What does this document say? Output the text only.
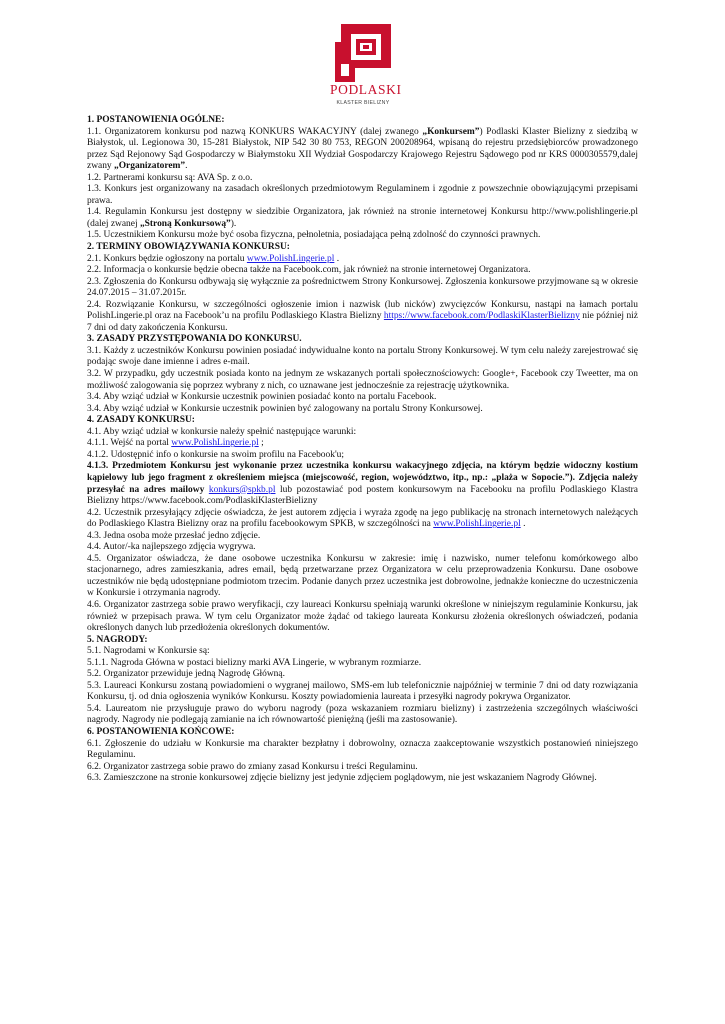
PODLASKI
KLASTER BIELIZNY
1. POSTANOWIENIA OGÓLNE:

1.1. Organizatorem konkursu pod nazwą KONKURS WAKACYJNY (dalej zwanego „Konkursem”) Podlaski Klaster Bielizny z siedzibą w Białystok, ul. Legionowa 30, 15-281 Białystok, NIP 542 30 80 753, REGON 200208964, wpisaną do rejestru przedsiębiorców prowadzonego przez Sąd Rejonowy Sąd Gospodarczy w Białymstoku XII Wydział Gospodarczy Krajowego Rejestru Sądowego pod nr KRS 0000305579,dalej zwany „Organizatorem”.

1.2. Partnerami konkursu są: AVA Sp. z o.o.

1.3. Konkurs jest organizowany na zasadach określonych przedmiotowym Regulaminem i zgodnie z powszechnie obowiązującymi przepisami prawa.

1.4. Regulamin Konkursu jest dostępny w siedzibie Organizatora, jak również na stronie internetowej Konkursu http://www.polishlingerie.pl (dalej zwanej „Stroną Konkursową”).

1.5. Uczestnikiem Konkursu może być osoba fizyczna, pełnoletnia, posiadająca pełną zdolność do czynności prawnych.

2. TERMINY OBOWIĄZYWANIA KONKURSU:

2.1. Konkurs będzie ogłoszony na portalu www.PolishLingerie.pl .

2.2. Informacja o konkursie będzie obecna także na Facebook.com, jak również na stronie internetowej Organizatora.

2.3. Zgłoszenia do Konkursu odbywają się wyłącznie za pośrednictwem Strony Konkursowej. Zgłoszenia konkursowe przyjmowane są w okresie 24.07.2015 – 31.07.2015r.

2.4. Rozwiązanie Konkursu, w szczególności ogłoszenie imion i nazwisk (lub nicków) zwycięzców Konkursu, nastąpi na łamach portalu PolishLingerie.pl oraz na Facebook’u na profilu Podlaskiego Klastra Bielizny https://www.facebook.com/PodlaskiKlasterBielizny nie później niż 7 dni od daty zakończenia Konkursu.

3. ZASADY PRZYSTĘPOWANIA DO KONKURSU.

3.1. Każdy z uczestników Konkursu powinien posiadać indywidualne konto na portalu Strony Konkursowej. W tym celu należy zarejestrować się podając swoje dane imienne i adres e-mail.

3.2. W przypadku, gdy uczestnik posiada konto na jednym ze wskazanych portali społecznościowych: Google+, Facebook czy Tweetter, ma on możliwość zalogowania się poprzez wybrany z nich, co uznawane jest jednocześnie za rejestrację użytkownika.

3.4. Aby wziąć udział w Konkursie uczestnik powinien posiadać konto na portalu Facebook.

3.4. Aby wziąć udział w Konkursie uczestnik powinien być zalogowany na portalu Strony Konkursowej.

4. ZASADY KONKURSU:

4.1. Aby wziąć udział w konkursie należy spełnić następujące warunki:

4.1.1. Wejść na portal www.PolishLingerie.pl ;

4.1.2. Udostępnić info o konkursie na swoim profilu na Facebook'u;

4.1.3. Przedmiotem Konkursu jest wykonanie przez uczestnika konkursu wakacyjnego zdjęcia, na którym będzie widoczny kostium kąpielowy lub jego fragment z określeniem miejsca (miejscowość, region, województwo, itp., np.: „plaża w Sopocie.”). Zdjęcia należy przesyłać na adres mailowy konkurs@spkb.pl lub pozostawiać pod postem konkursowym na Facebooku na profilu Podlaskiego Klastra Bielizny https://www.facebook.com/PodlaskiKlasterBielizny

4.2. Uczestnik przesyłający zdjęcie oświadcza, że jest autorem zdjęcia i wyraża zgodę na jego publikację na stronach internetowych należących do Podlaskiego Klastra Bielizny oraz na profilu facebookowym SPKB, w szczególności na www.PolishLingerie.pl .

4.3. Jedna osoba może przesłać jedno zdjęcie.

4.4. Autor/-ka najlepszego zdjęcia wygrywa.

4.5. Organizator oświadcza, że dane osobowe uczestnika Konkursu w zakresie: imię i nazwisko, numer telefonu komórkowego albo stacjonarnego, adres zamieszkania, adres email, będą przetwarzane przez Organizatora w celu przeprowadzenia Konkursu. Dane osobowe uczestników nie będą udostępniane podmiotom trzecim. Podanie danych przez uczestnika jest dobrowolne, jednakże konieczne do uczestniczenia w Konkursie i otrzymania nagrody.

4.6. Organizator zastrzega sobie prawo weryfikacji, czy laureaci Konkursu spełniają warunki określone w niniejszym regulaminie Konkursu, jak również w przepisach prawa. W tym celu Organizator może żądać od takiego laureata Konkursu złożenia określonych oświadczeń, podania określonych danych lub przedłożenia określonych dokumentów.

5. NAGRODY:

5.1. Nagrodami w Konkursie są:

5.1.1. Nagroda Główna w postaci bielizny marki AVA Lingerie, w wybranym rozmiarze.

5.2. Organizator przewiduje jedną Nagrodę Główną.

5.3. Laureaci Konkursu zostaną powiadomieni o wygranej mailowo, SMS-em lub telefonicznie najpóźniej w terminie 7 dni od daty rozwiązania Konkursu, tj. od dnia ogłoszenia wyników Konkursu. Koszty powiadomienia laureata i przesyłki nagrody pokrywa Organizator.

5.4. Laureatom nie przysługuje prawo do wyboru nagrody (poza wskazaniem rozmiaru bielizny) i zastrzeżenia szczególnych właściwości nagrody. Nagrody nie podlegają zamianie na ich równowartość pieniężną (jeśli ma zastosowanie).

6. POSTANOWIENIA KOŃCOWE:

6.1. Zgłoszenie do udziału w Konkursie ma charakter bezpłatny i dobrowolny, oznacza zaakceptowanie wszystkich postanowień niniejszego Regulaminu.

6.2. Organizator zastrzega sobie prawo do zmiany zasad Konkursu i treści Regulaminu.

6.3. Zamieszczone na stronie konkursowej zdjęcie bielizny jest jedynie zdjęciem poglądowym, nie jest wskazaniem Nagrody Głównej.
